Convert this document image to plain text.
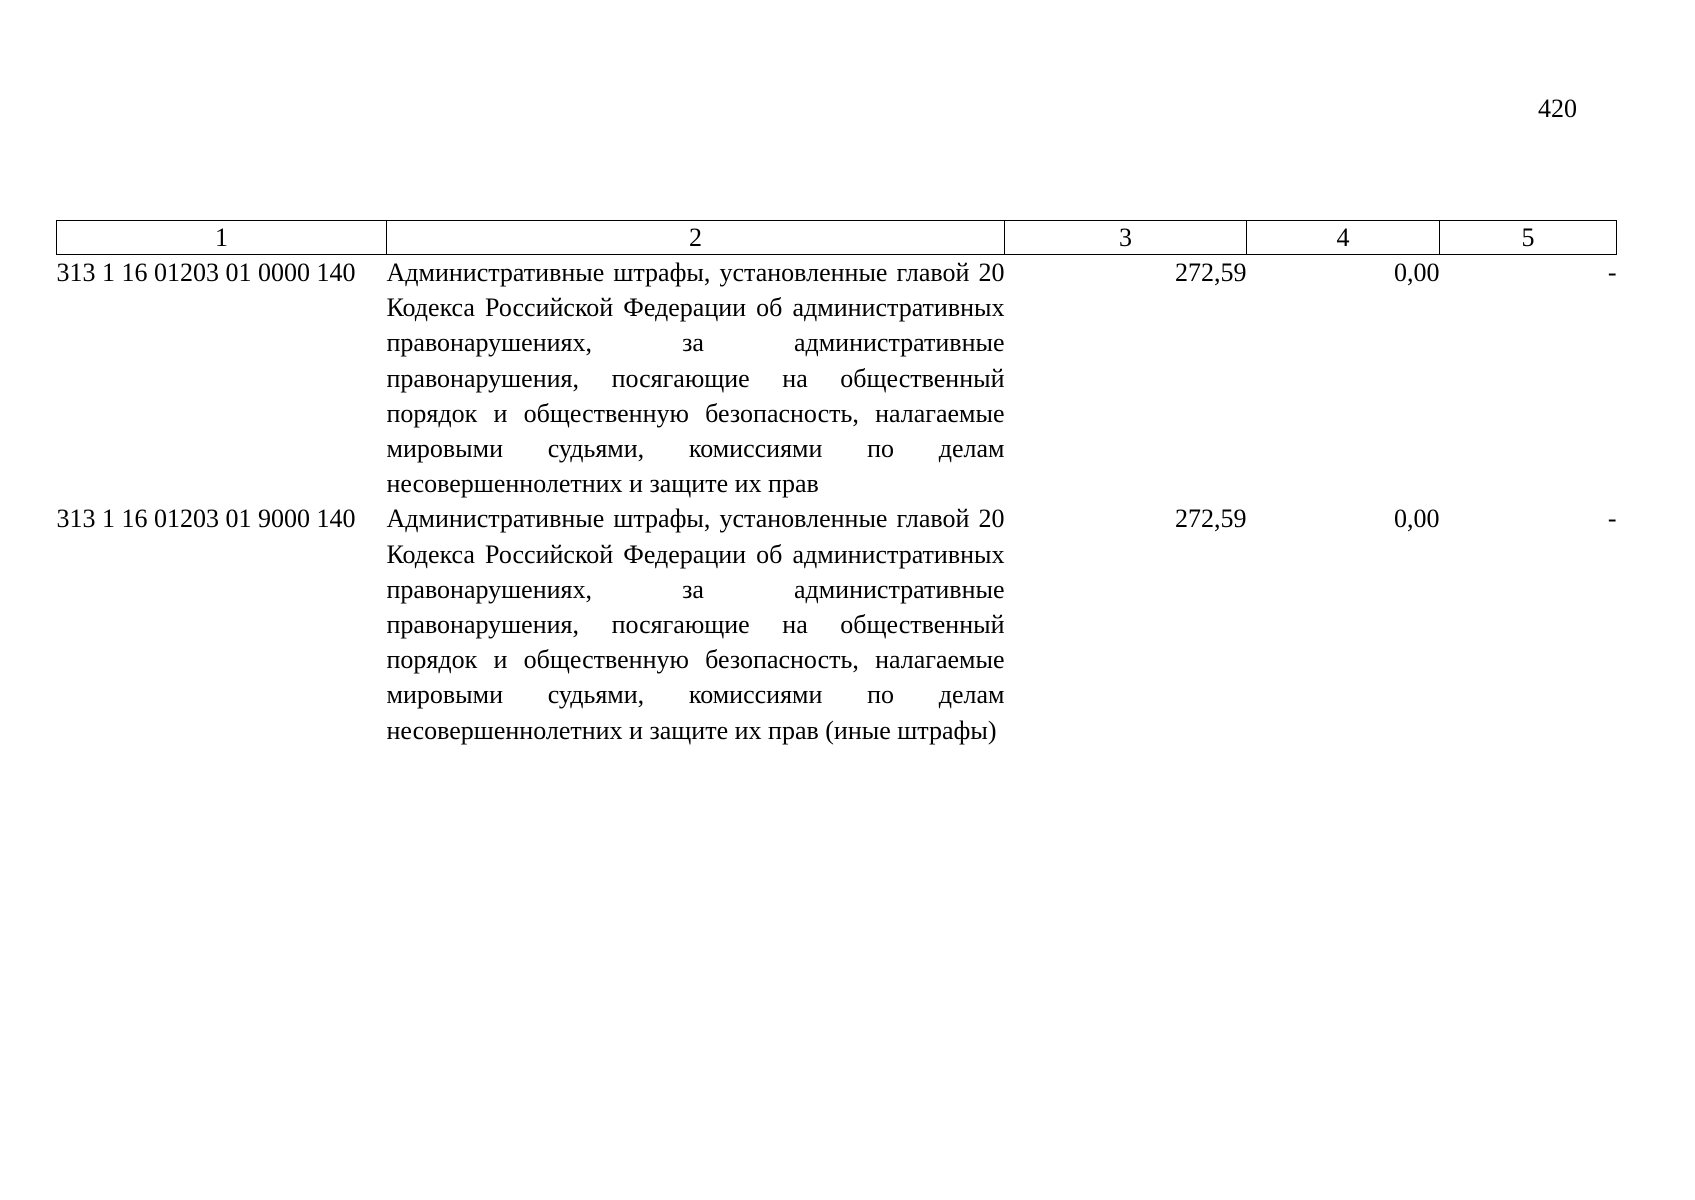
420
1	2	3	4	5
313 1 16 01203 01 0000 140	Административные штрафы, установленные главой 20 Кодекса Российской Федерации об административных правонарушениях, за административные правонарушения, посягающие на общественный порядок и общественную безопасность, налагаемые мировыми судьями, комиссиями по делам несовершеннолетних и защите их прав	272,59	0,00	-
313 1 16 01203 01 9000 140	Административные штрафы, установленные главой 20 Кодекса Российской Федерации об административных правонарушениях, за административные правонарушения, посягающие на общественный порядок и общественную безопасность, налагаемые мировыми судьями, комиссиями по делам несовершеннолетних и защите их прав (иные штрафы)	272,59	0,00	-
